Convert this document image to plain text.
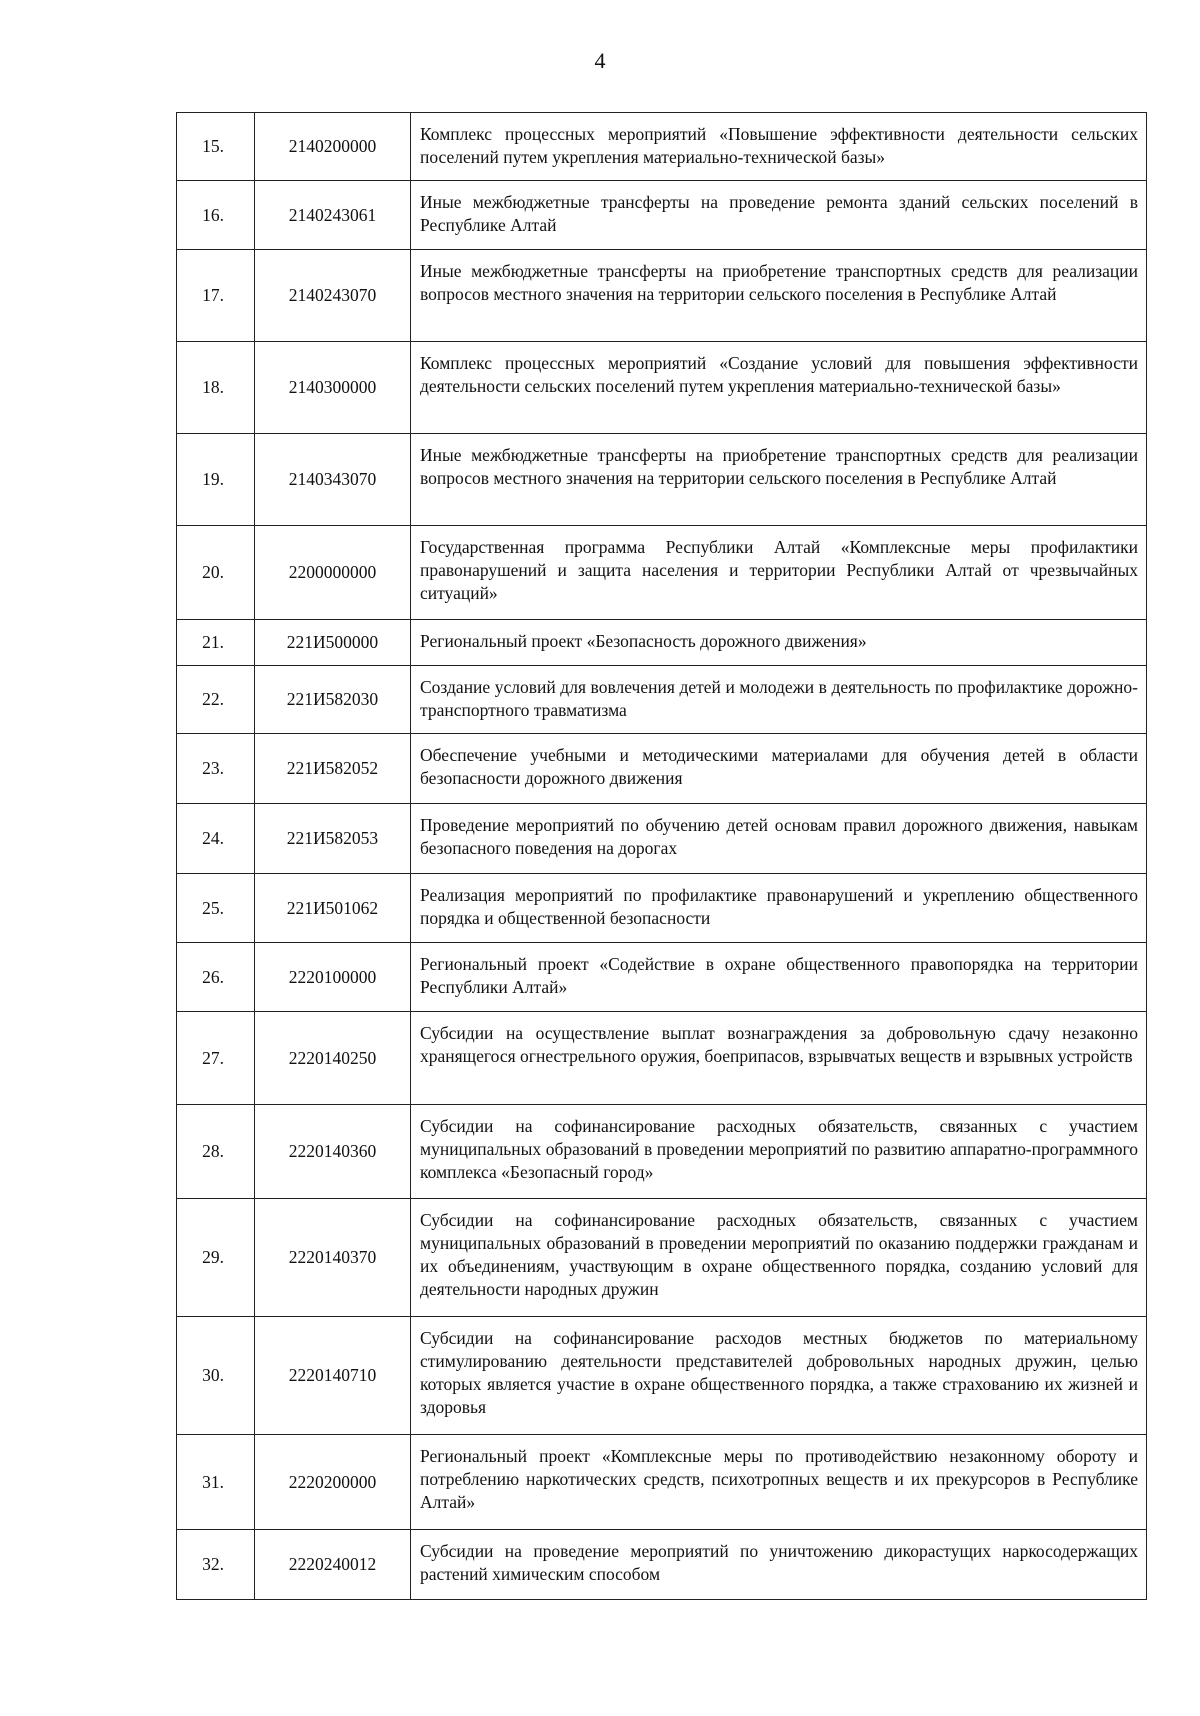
4
15.	2140200000	Комплекс процессных мероприятий «Повышение эффективности деятельности сельских поселений путем укрепления материально-технической базы»
16.	2140243061	Иные межбюджетные трансферты на проведение ремонта зданий сельских поселений в Республике Алтай
17.	2140243070	Иные межбюджетные трансферты на приобретение транспортных средств для реализации вопросов местного значения на территории сельского поселения в Республике Алтай
18.	2140300000	Комплекс процессных мероприятий «Создание условий для повышения эффективности деятельности сельских поселений путем укрепления материально-технической базы»
19.	2140343070	Иные межбюджетные трансферты на приобретение транспортных средств для реализации вопросов местного значения на территории сельского поселения в Республике Алтай
20.	2200000000	Государственная программа Республики Алтай «Комплексные меры профилактики правонарушений и защита населения и территории Республики Алтай от чрезвычайных ситуаций»
21.	221И500000	Региональный проект «Безопасность дорожного движения»
22.	221И582030	Создание условий для вовлечения детей и молодежи в деятельность по профилактике дорожно-транспортного травматизма
23.	221И582052	Обеспечение учебными и методическими материалами для обучения детей в области безопасности дорожного движения
24.	221И582053	Проведение мероприятий по обучению детей основам правил дорожного движения, навыкам безопасного поведения на дорогах
25.	221И501062	Реализация мероприятий по профилактике правонарушений и укреплению общественного порядка и общественной безопасности
26.	2220100000	Региональный проект «Содействие в охране общественного правопорядка на территории Республики Алтай»
27.	2220140250	Субсидии на осуществление выплат вознаграждения за добровольную сдачу незаконно хранящегося огнестрельного оружия, боеприпасов, взрывчатых веществ и взрывных устройств
28.	2220140360	Субсидии на софинансирование расходных обязательств, связанных с участием муниципальных образований в проведении мероприятий по развитию аппаратно-программного комплекса «Безопасный город»
29.	2220140370	Субсидии на софинансирование расходных обязательств, связанных с участием муниципальных образований в проведении мероприятий по оказанию поддержки гражданам и их объединениям, участвующим в охране общественного порядка, созданию условий для деятельности народных дружин
30.	2220140710	Субсидии на софинансирование расходов местных бюджетов по материальному стимулированию деятельности представителей добровольных народных дружин, целью которых является участие в охране общественного порядка, а также страхованию их жизней и здоровья
31.	2220200000	Региональный проект «Комплексные меры по противодействию незаконному обороту и потреблению наркотических средств, психотропных веществ и их прекурсоров в Республике Алтай»
32.	2220240012	Субсидии на проведение мероприятий по уничтожению дикорастущих наркосодержащих растений химическим способом
